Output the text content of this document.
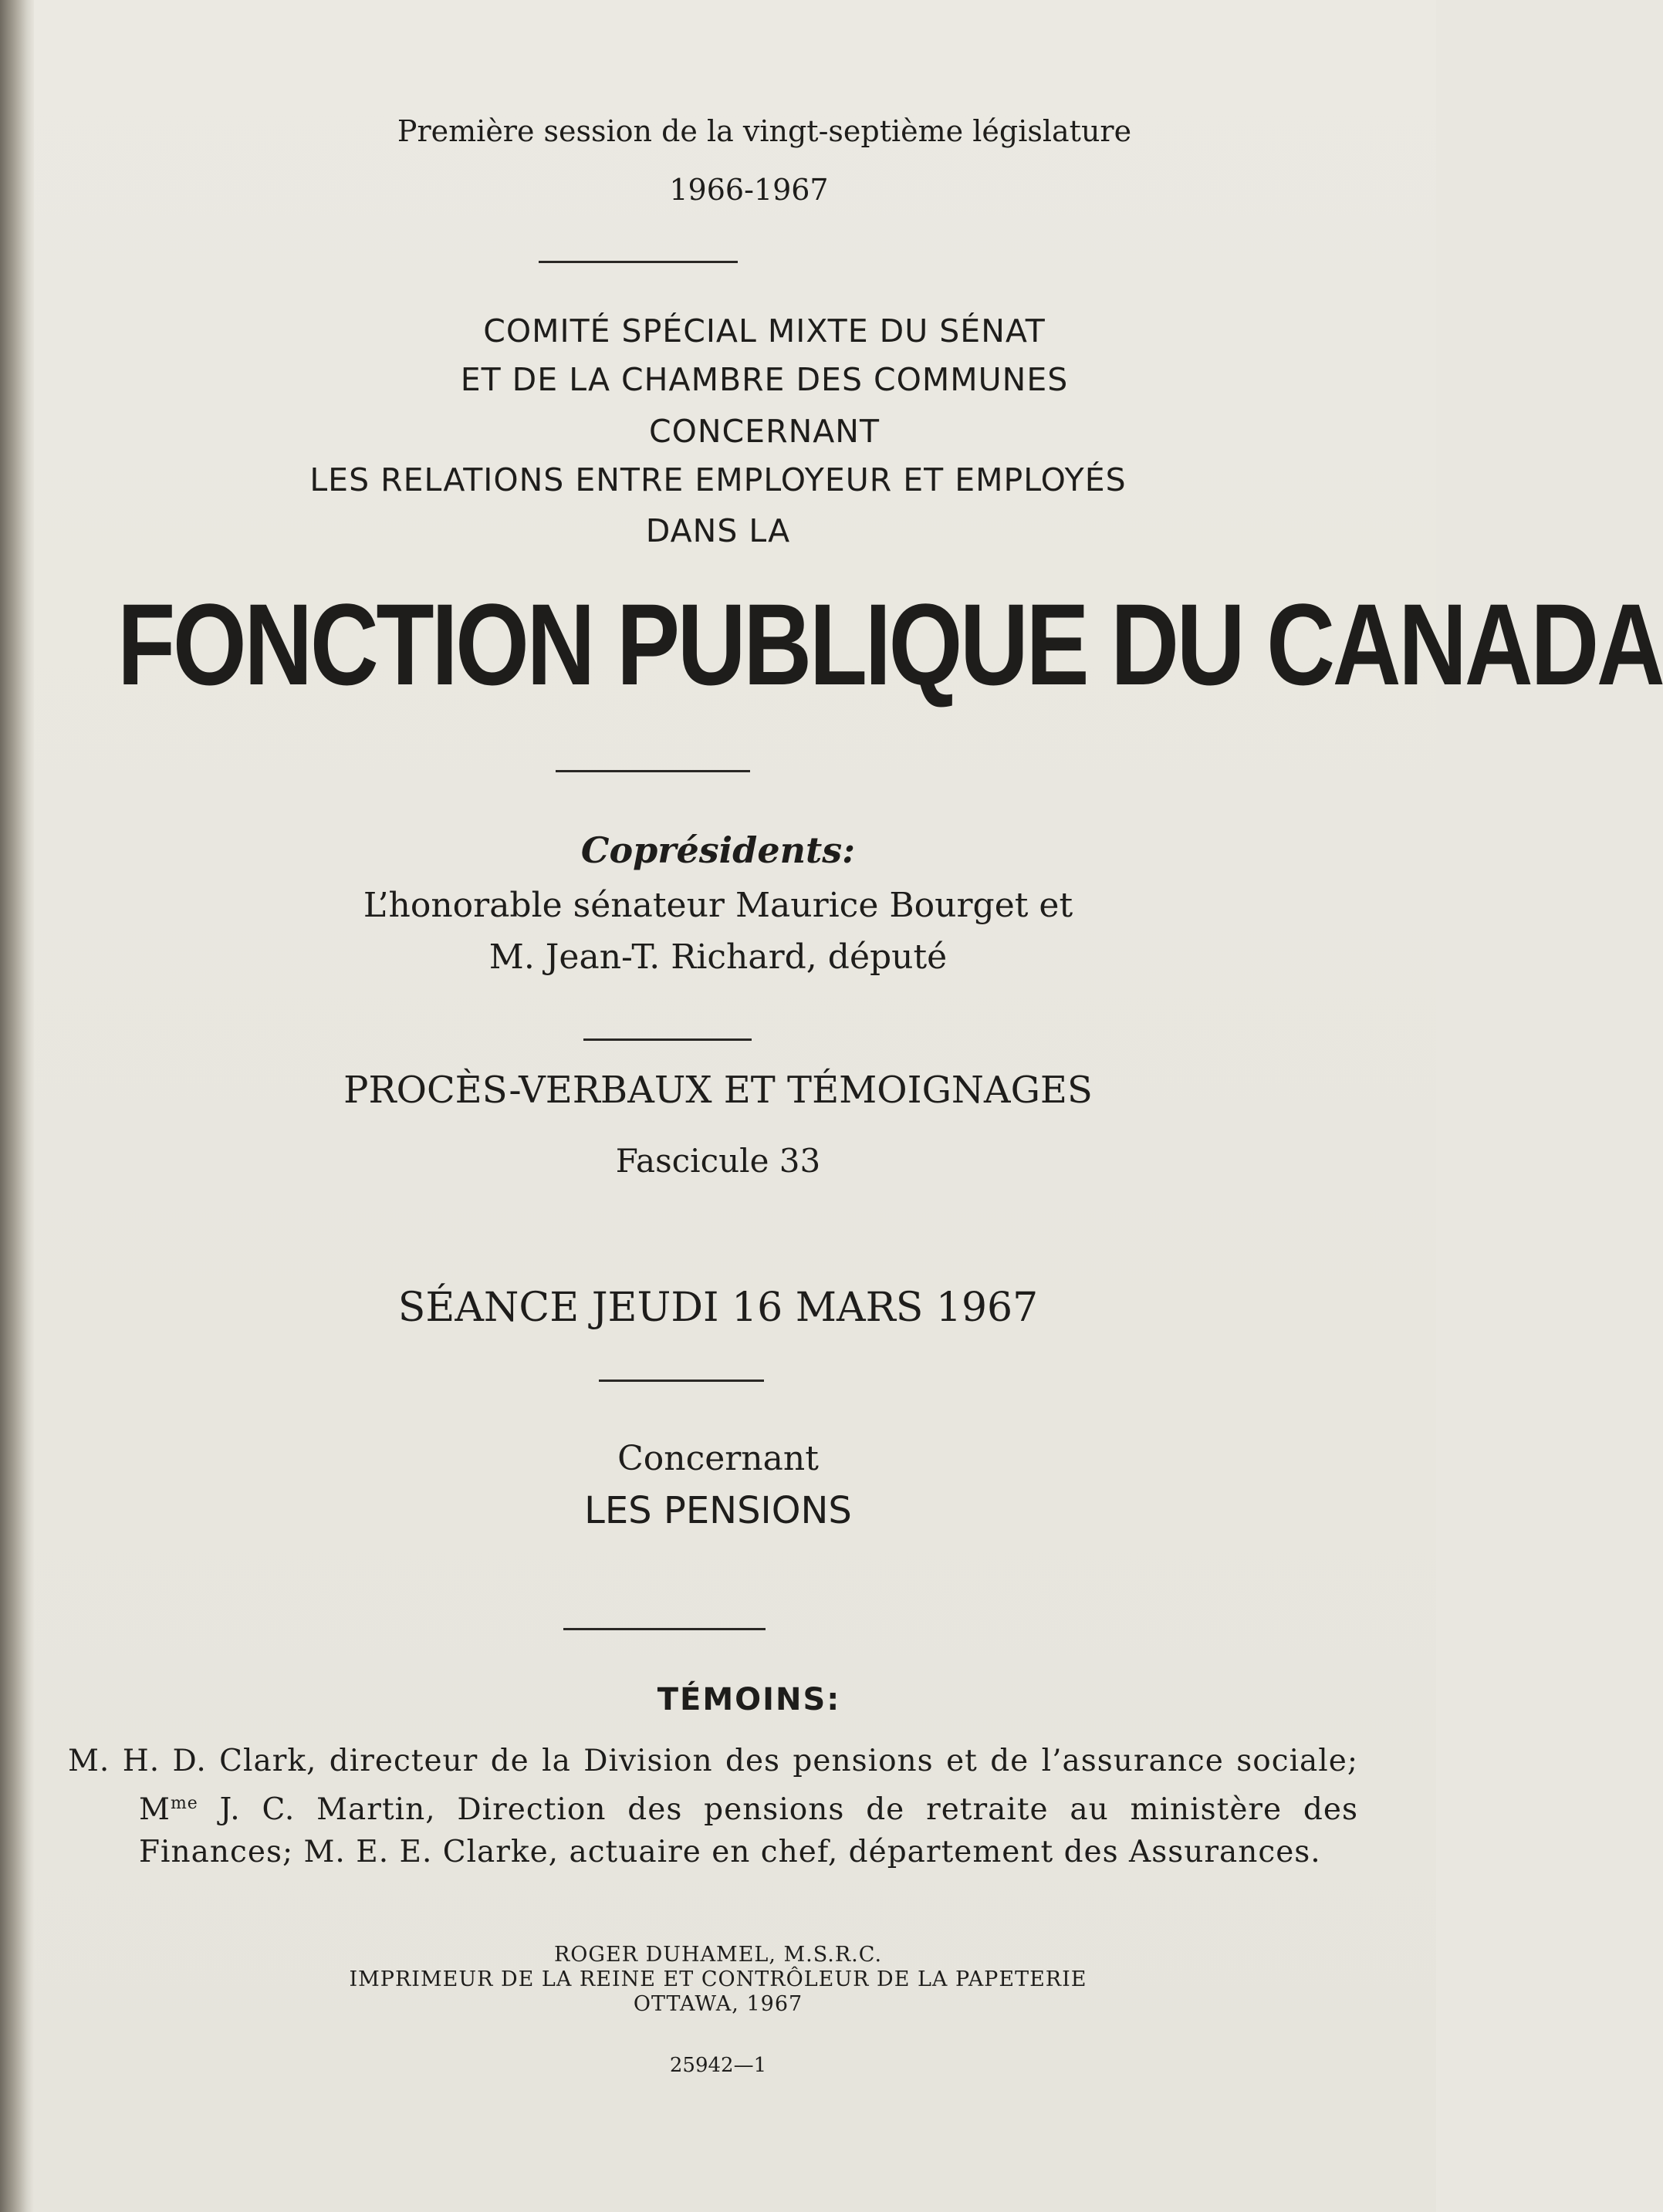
Première session de la vingt-septième législature
1966-1967
COMITÉ SPÉCIAL MIXTE DU SÉNAT
ET DE LA CHAMBRE DES COMMUNES
CONCERNANT
LES RELATIONS ENTRE EMPLOYEUR ET EMPLOYÉS
DANS LA
FONCTION PUBLIQUE DU CANADA
Coprésidents:
L’honorable sénateur Maurice Bourget et
M. Jean-T. Richard, député
PROCÈS-VERBAUX ET TÉMOIGNAGES
Fascicule 33
SÉANCE JEUDI 16 MARS 1967
Concernant
LES PENSIONS
TÉMOINS:
M. H. D. Clark, directeur de la Division des pensions et de l’assurance sociale; $M^{me}$ J. C. Martin, Direction des pensions de retraite au ministère des Finances; M. E. E. Clarke, actuaire en chef, département des Assurances.
ROGER DUHAMEL, M.S.R.C.
IMPRIMEUR DE LA REINE ET CONTRÔLEUR DE LA PAPETERIE
OTTAWA, 1967
25942—1
